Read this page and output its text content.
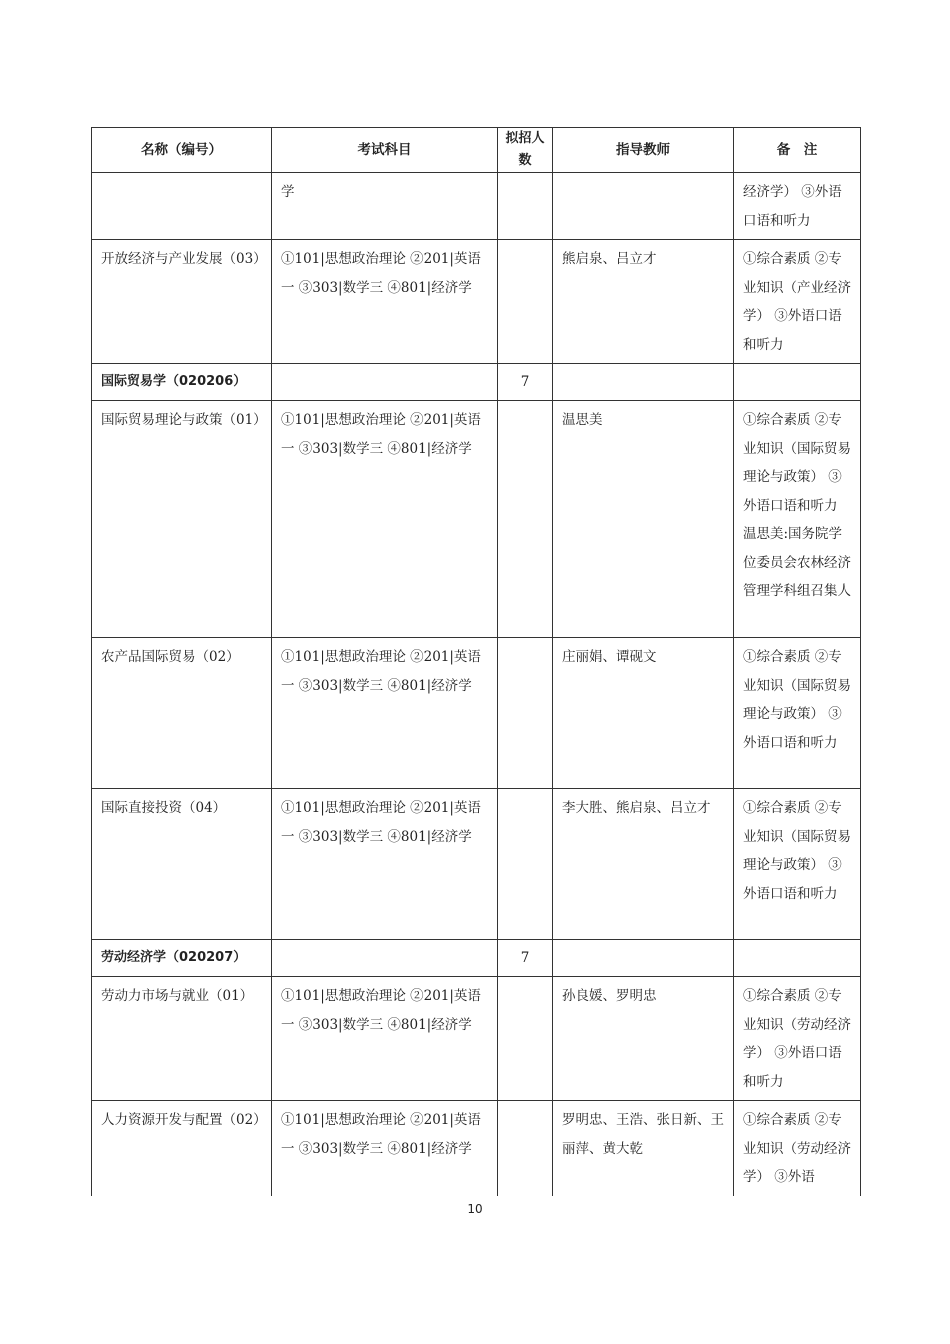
名称（编号）	考试科目	拟招人数	指导教师	备　注
	学			经济学） ③外语口语和听力
开放经济与产业发展（03）	①101|思想政治理论 ②201|英语一 ③303|数学三 ④801|经济学		熊启泉、吕立才	①综合素质 ②专业知识（产业经济学） ③外语口语和听力
国际贸易学（020206）		7		
国际贸易理论与政策（01）	①101|思想政治理论 ②201|英语一 ③303|数学三 ④801|经济学		温思美	①综合素质 ②专业知识（国际贸易理论与政策） ③外语口语和听力 温思美:国务院学位委员会农林经济管理学科组召集人
农产品国际贸易（02）	①101|思想政治理论 ②201|英语一 ③303|数学三 ④801|经济学		庄丽娟、谭砚文	①综合素质 ②专业知识（国际贸易理论与政策） ③外语口语和听力
国际直接投资（04）	①101|思想政治理论 ②201|英语一 ③303|数学三 ④801|经济学		李大胜、熊启泉、吕立才	①综合素质 ②专业知识（国际贸易理论与政策） ③外语口语和听力
劳动经济学（020207）		7		
劳动力市场与就业（01）	①101|思想政治理论 ②201|英语一 ③303|数学三 ④801|经济学		孙良媛、罗明忠	①综合素质 ②专业知识（劳动经济学） ③外语口语和听力
人力资源开发与配置（02）	①101|思想政治理论 ②201|英语一 ③303|数学三 ④801|经济学		罗明忠、王浩、张日新、王丽萍、黄大乾	①综合素质 ②专业知识（劳动经济学） ③外语
10
